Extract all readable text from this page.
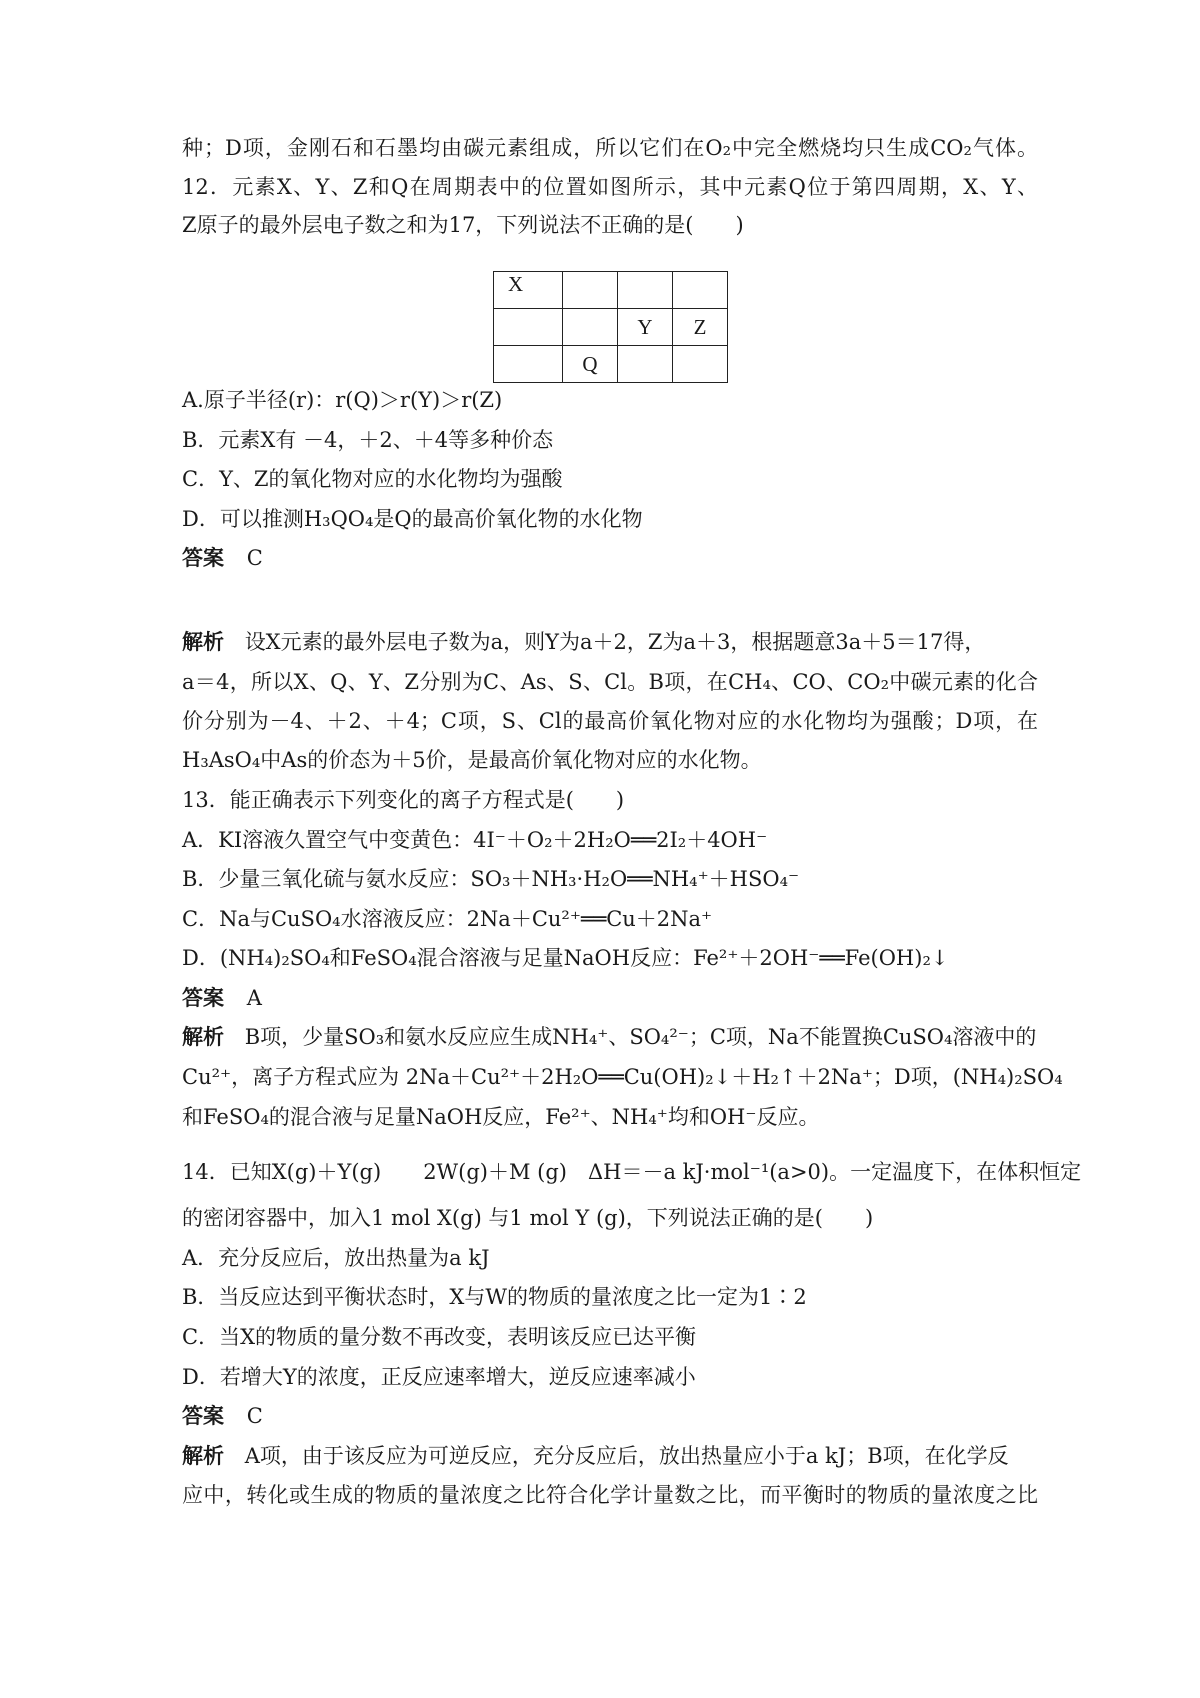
种；D项，金刚石和石墨均由碳元素组成，所以它们在O₂中完全燃烧均只生成CO₂气体。
12．元素X、Y、Z和Q在周期表中的位置如图所示，其中元素Q位于第四周期，X、Y、
Z原子的最外层电子数之和为17，下列说法不正确的是(　　)
X			
		Y	Z
	Q		
A.原子半径(r)：r(Q)＞r(Y)＞r(Z)
B．元素X有 －4，＋2、＋4等多种价态
C．Y、Z的氧化物对应的水化物均为强酸
D．可以推测H₃QO₄是Q的最高价氧化物的水化物
答案 C
解析 设X元素的最外层电子数为a，则Y为a＋2，Z为a＋3，根据题意3a＋5＝17得，
a＝4，所以X、Q、Y、Z分别为C、As、S、Cl。B项，在CH₄、CO、CO₂中碳元素的化合
价分别为－4、＋2、＋4；C项，S、Cl的最高价氧化物对应的水化物均为强酸；D项，在
H₃AsO₄中As的价态为＋5价，是最高价氧化物对应的水化物。
13．能正确表示下列变化的离子方程式是(　　)
A．KI溶液久置空气中变黄色：4I⁻＋O₂＋2H₂O══2I₂＋4OH⁻
B．少量三氧化硫与氨水反应：SO₃＋NH₃·H₂O══NH₄⁺＋HSO₄⁻
C．Na与CuSO₄水溶液反应：2Na＋Cu²⁺══Cu＋2Na⁺
D．(NH₄)₂SO₄和FeSO₄混合溶液与足量NaOH反应：Fe²⁺＋2OH⁻══Fe(OH)₂↓
答案 A
解析 B项，少量SO₃和氨水反应应生成NH₄⁺、SO₄²⁻；C项，Na不能置换CuSO₄溶液中的
Cu²⁺，离子方程式应为 2Na＋Cu²⁺＋2H₂O══Cu(OH)₂↓＋H₂↑＋2Na⁺；D项，(NH₄)₂SO₄
和FeSO₄的混合液与足量NaOH反应，Fe²⁺、NH₄⁺均和OH⁻反应。
14．已知X(g)＋Y(g)　　2W(g)＋M (g)　ΔH＝－a kJ·mol⁻¹(a>0)。一定温度下，在体积恒定
的密闭容器中，加入1 mol X(g) 与1 mol Y (g)，下列说法正确的是(　　)
A．充分反应后，放出热量为a kJ
B．当反应达到平衡状态时，X与W的物质的量浓度之比一定为1∶2
C．当X的物质的量分数不再改变，表明该反应已达平衡
D．若增大Y的浓度，正反应速率增大，逆反应速率减小
答案 C
解析 A项，由于该反应为可逆反应，充分反应后，放出热量应小于a kJ；B项，在化学反
应中，转化或生成的物质的量浓度之比符合化学计量数之比，而平衡时的物质的量浓度之比
